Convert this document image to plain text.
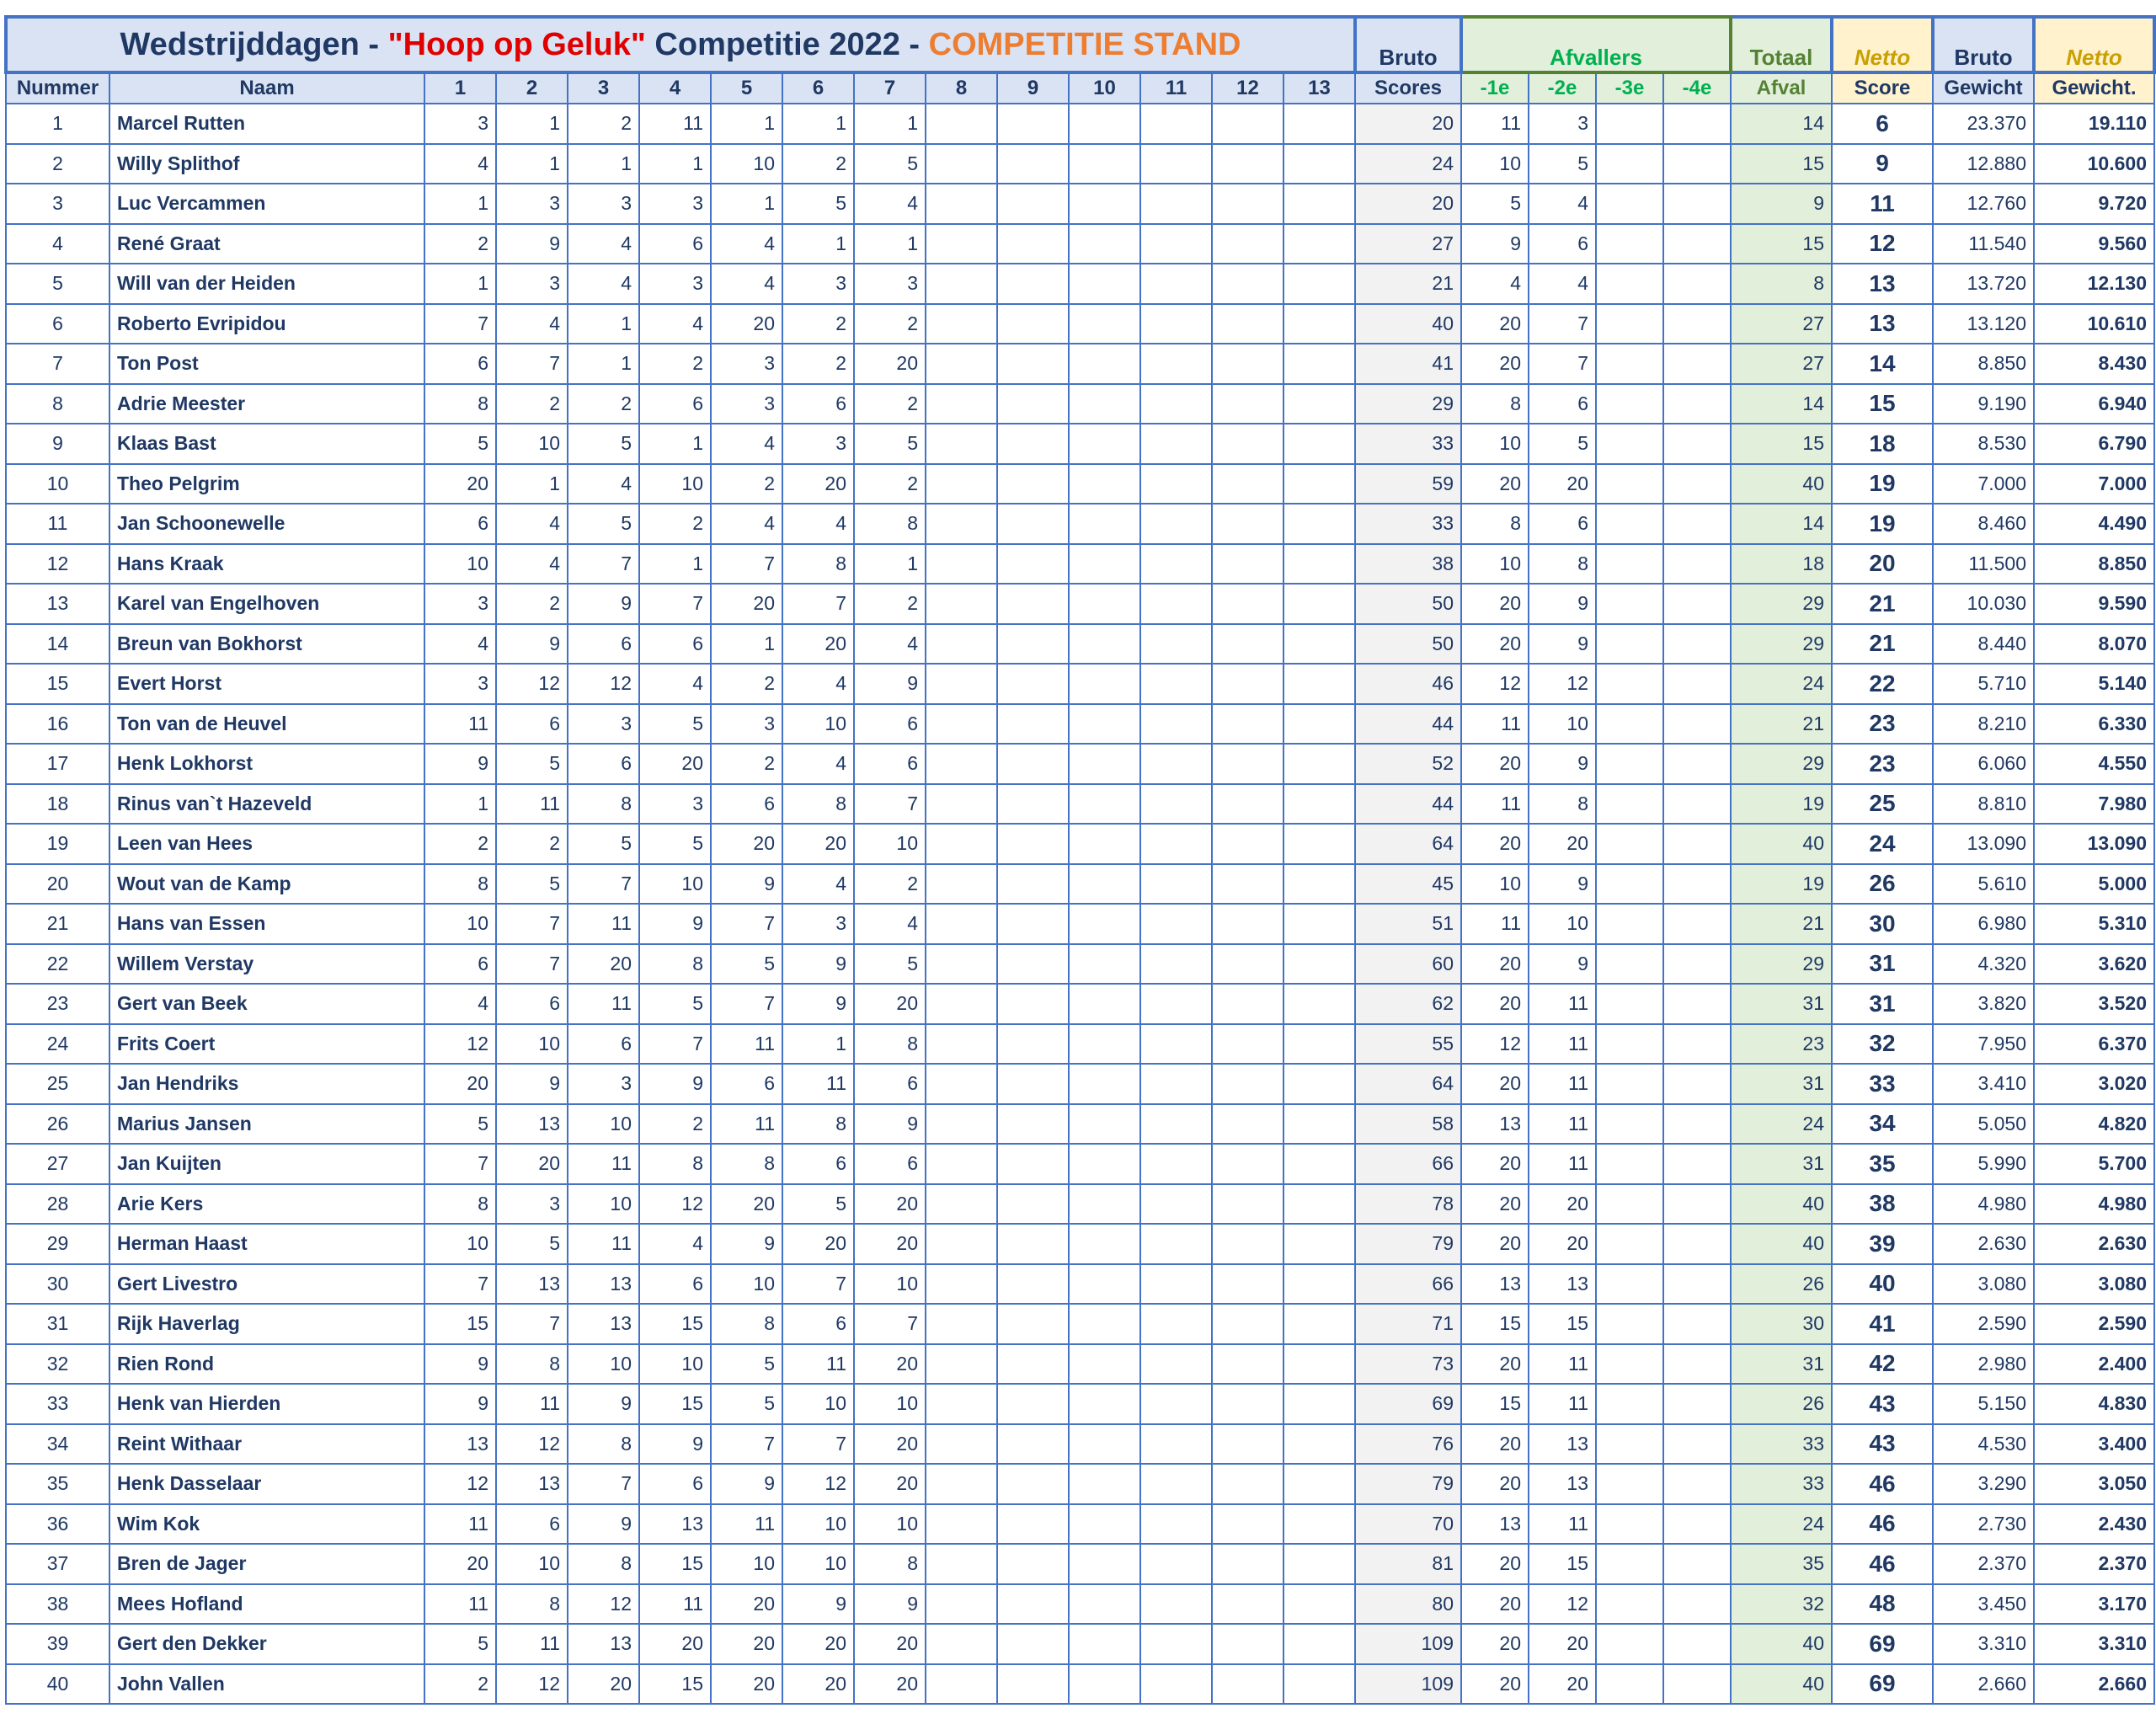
Wedstrijddagen - "Hoop op Geluk" Competitie 2022 - COMPETITIE STAND															Bruto	Afvallers				Totaal	Netto	Bruto	Netto
Nummer	Naam	1	2	3	4	5	6	7	8	9	10	11	12	13	Scores	-1e	-2e	-3e	-4e	Afval	Score	Gewicht	Gewicht.
1	Marcel Rutten	3	1	2	11	1	1	1							20	11	3			14	6	23.370	19.110
2	Willy Splithof	4	1	1	1	10	2	5							24	10	5			15	9	12.880	10.600
3	Luc Vercammen	1	3	3	3	1	5	4							20	5	4			9	11	12.760	9.720
4	René Graat	2	9	4	6	4	1	1							27	9	6			15	12	11.540	9.560
5	Will van der Heiden	1	3	4	3	4	3	3							21	4	4			8	13	13.720	12.130
6	Roberto Evripidou	7	4	1	4	20	2	2							40	20	7			27	13	13.120	10.610
7	Ton Post	6	7	1	2	3	2	20							41	20	7			27	14	8.850	8.430
8	Adrie Meester	8	2	2	6	3	6	2							29	8	6			14	15	9.190	6.940
9	Klaas Bast	5	10	5	1	4	3	5							33	10	5			15	18	8.530	6.790
10	Theo Pelgrim	20	1	4	10	2	20	2							59	20	20			40	19	7.000	7.000
11	Jan Schoonewelle	6	4	5	2	4	4	8							33	8	6			14	19	8.460	4.490
12	Hans Kraak	10	4	7	1	7	8	1							38	10	8			18	20	11.500	8.850
13	Karel van Engelhoven	3	2	9	7	20	7	2							50	20	9			29	21	10.030	9.590
14	Breun van Bokhorst	4	9	6	6	1	20	4							50	20	9			29	21	8.440	8.070
15	Evert Horst	3	12	12	4	2	4	9							46	12	12			24	22	5.710	5.140
16	Ton van de Heuvel	11	6	3	5	3	10	6							44	11	10			21	23	8.210	6.330
17	Henk Lokhorst	9	5	6	20	2	4	6							52	20	9			29	23	6.060	4.550
18	Rinus van`t Hazeveld	1	11	8	3	6	8	7							44	11	8			19	25	8.810	7.980
19	Leen van Hees	2	2	5	5	20	20	10							64	20	20			40	24	13.090	13.090
20	Wout van de Kamp	8	5	7	10	9	4	2							45	10	9			19	26	5.610	5.000
21	Hans van Essen	10	7	11	9	7	3	4							51	11	10			21	30	6.980	5.310
22	Willem Verstay	6	7	20	8	5	9	5							60	20	9			29	31	4.320	3.620
23	Gert van Beek	4	6	11	5	7	9	20							62	20	11			31	31	3.820	3.520
24	Frits Coert	12	10	6	7	11	1	8							55	12	11			23	32	7.950	6.370
25	Jan Hendriks	20	9	3	9	6	11	6							64	20	11			31	33	3.410	3.020
26	Marius Jansen	5	13	10	2	11	8	9							58	13	11			24	34	5.050	4.820
27	Jan Kuijten	7	20	11	8	8	6	6							66	20	11			31	35	5.990	5.700
28	Arie Kers	8	3	10	12	20	5	20							78	20	20			40	38	4.980	4.980
29	Herman Haast	10	5	11	4	9	20	20							79	20	20			40	39	2.630	2.630
30	Gert Livestro	7	13	13	6	10	7	10							66	13	13			26	40	3.080	3.080
31	Rijk Haverlag	15	7	13	15	8	6	7							71	15	15			30	41	2.590	2.590
32	Rien Rond	9	8	10	10	5	11	20							73	20	11			31	42	2.980	2.400
33	Henk van Hierden	9	11	9	15	5	10	10							69	15	11			26	43	5.150	4.830
34	Reint Withaar	13	12	8	9	7	7	20							76	20	13			33	43	4.530	3.400
35	Henk Dasselaar	12	13	7	6	9	12	20							79	20	13			33	46	3.290	3.050
36	Wim Kok	11	6	9	13	11	10	10							70	13	11			24	46	2.730	2.430
37	Bren de Jager	20	10	8	15	10	10	8							81	20	15			35	46	2.370	2.370
38	Mees Hofland	11	8	12	11	20	9	9							80	20	12			32	48	3.450	3.170
39	Gert den Dekker	5	11	13	20	20	20	20							109	20	20			40	69	3.310	3.310
40	John Vallen	2	12	20	15	20	20	20							109	20	20			40	69	2.660	2.660
